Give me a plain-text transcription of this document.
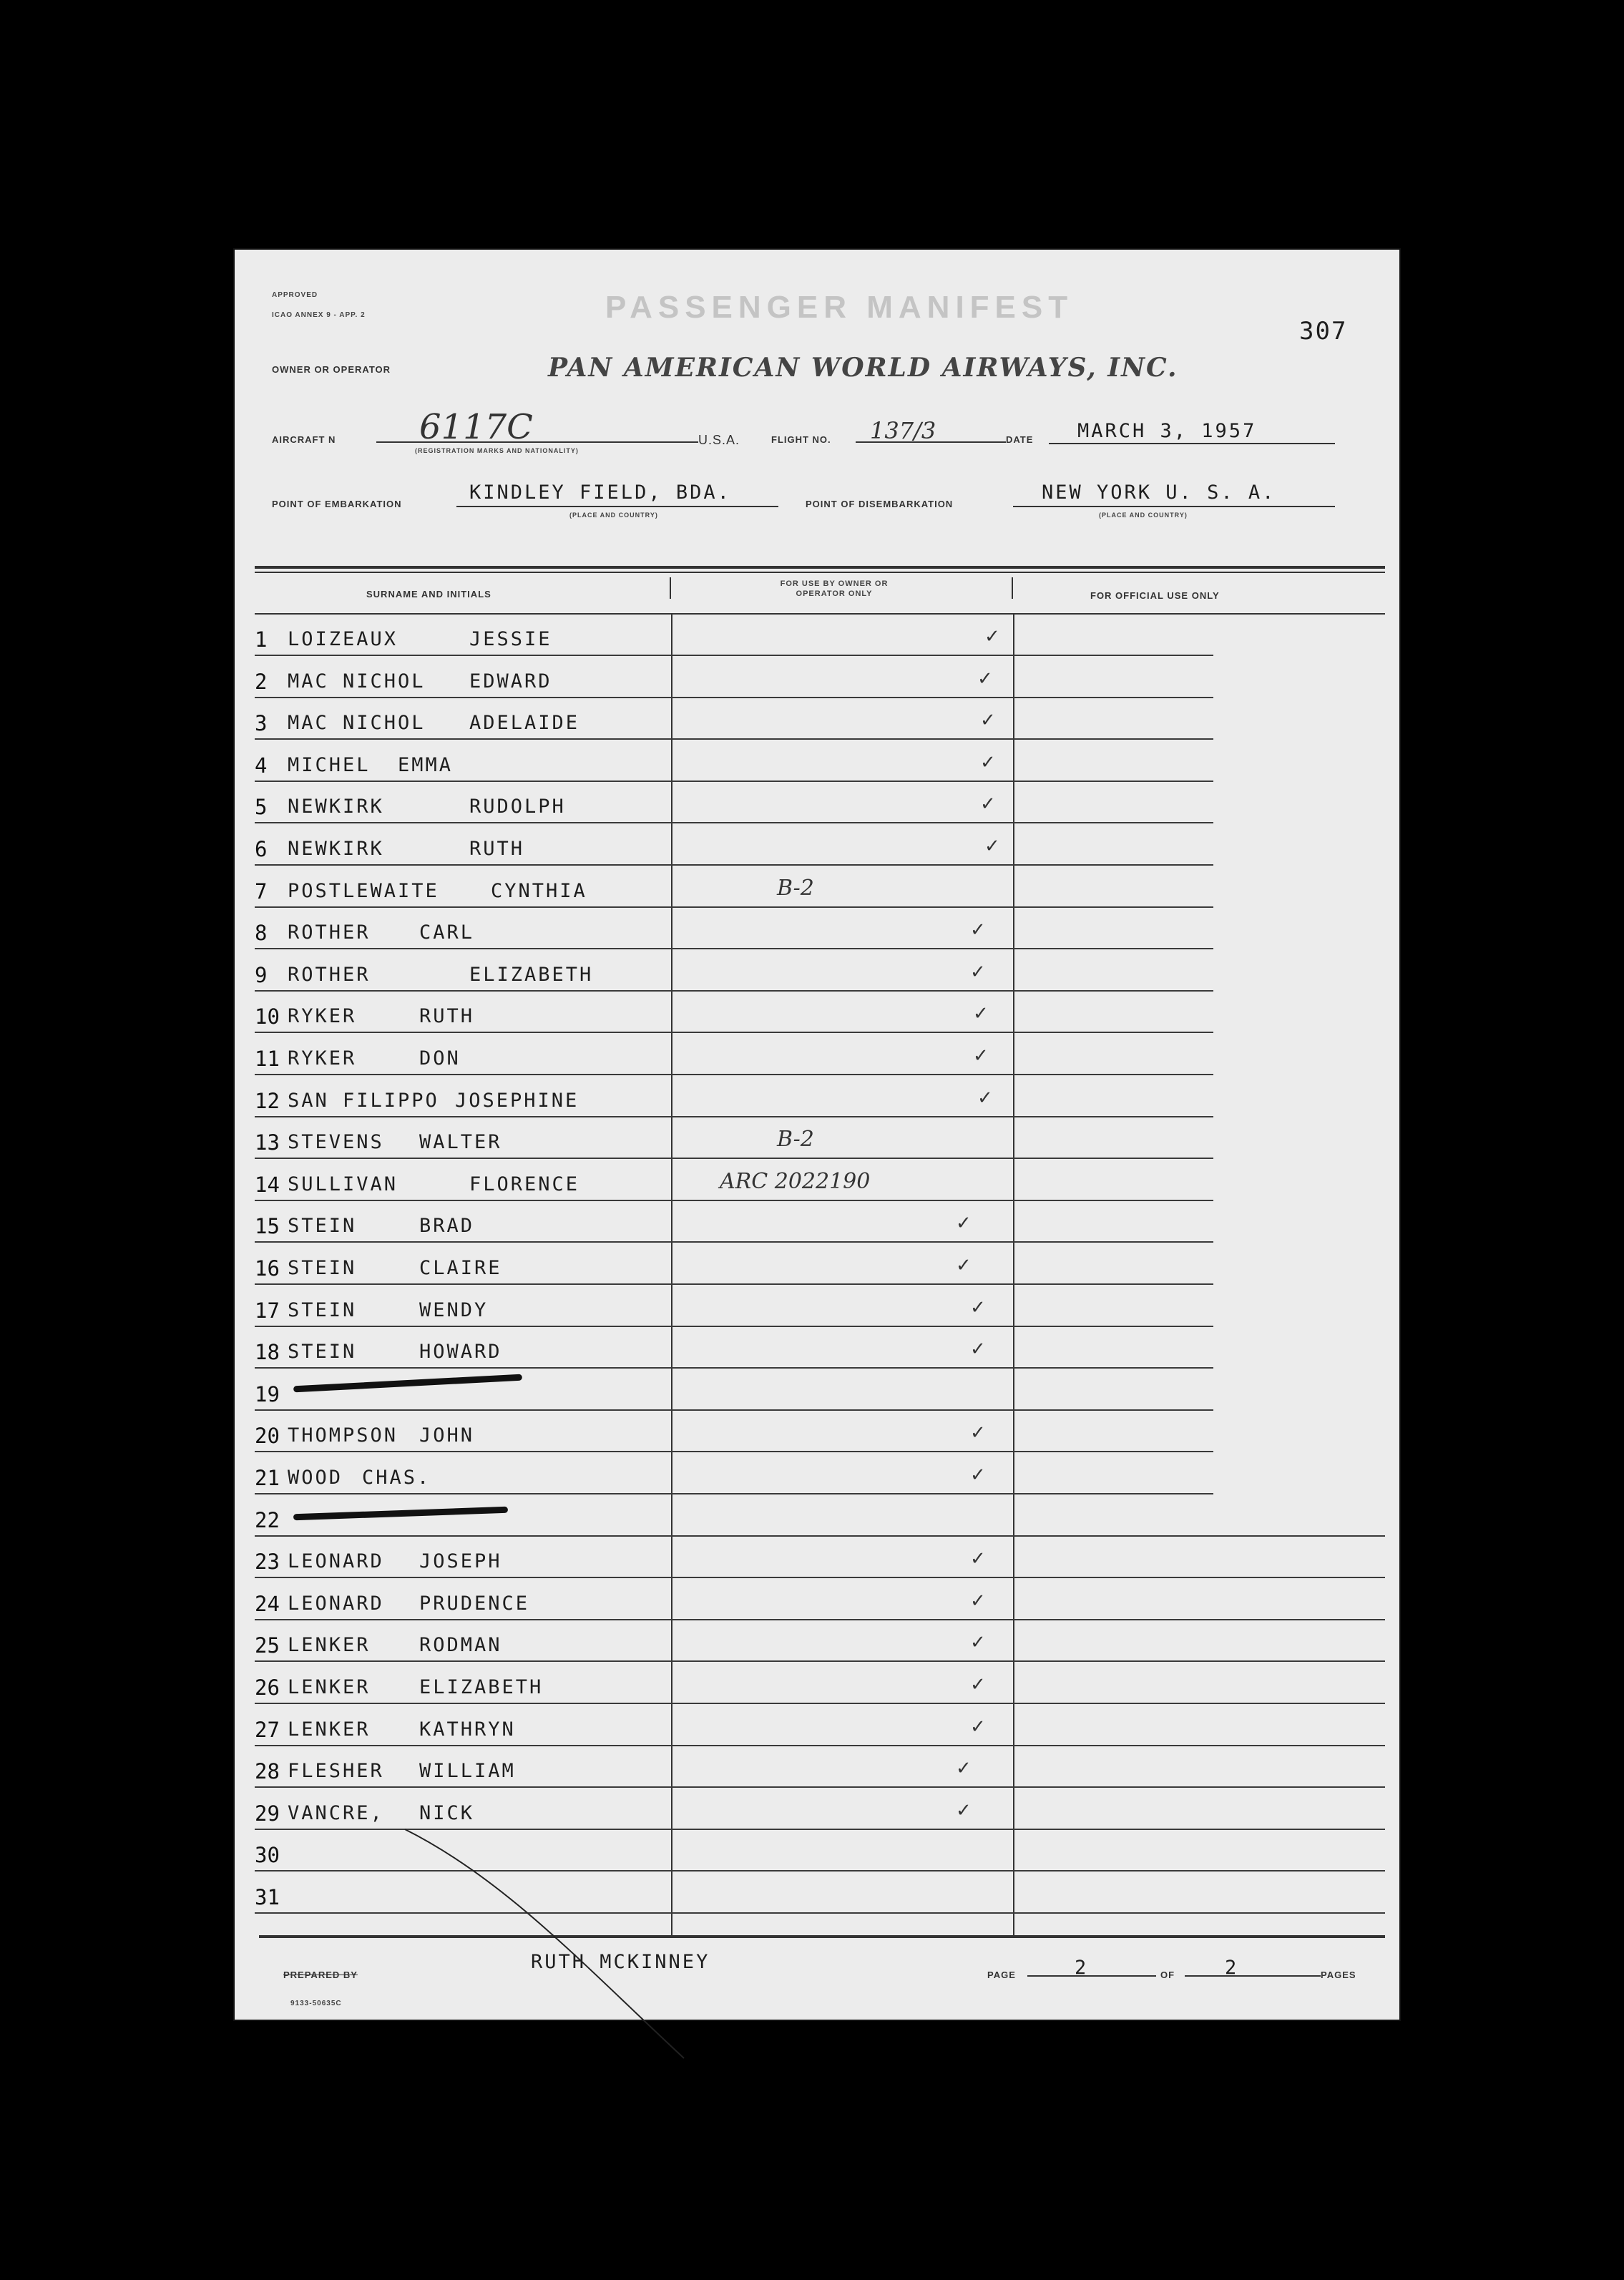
APPROVED
ICAO ANNEX 9 - APP. 2	PASSENGER MANIFEST
307
OWNER OR OPERATOR	PAN AMERICAN WORLD AIRWAYS, INC.
AIRCRAFT N 6117C
(REGISTRATION MARKS AND NATIONALITY)
U.S.A.	FLIGHT NO. 137/3	DATE MARCH 3, 1957
POINT OF EMBARKATION
KINDLEY FIELD, BDA.
(PLACE AND COUNTRY)
POINT OF DISEMBARKATION
NEW YORK U. S. A.
(PLACE AND COUNTRY)
SURNAME AND INITIALS
FOR USE BY OWNER OR OPERATOR ONLY	FOR OFFICIAL USE ONLY
1 LOIZEAUX	JESSIE	✓
2 MAC NICHOL EDWARD	✓
3 MAC NICHOL ADELAIDE	✓
4 MICHEL EMMA	✓
5 NEWKIRK	RUDOLPH	✓
6 NEWKIRK	RUTH	✓
7 POSTLEWAITE	CYNTHIA	B-2
8 ROTHER	CARL	✓
9 ROTHER	ELIZABETH	✓
10 RYKER	RUTH	✓
11 RYKER	DON	✓
12 SAN FILIPPO JOSEPHINE	✓
13 STEVENS WALTER	B-2
14 SULLIVAN	FLORENCE	ARC 2022190
15 STEIN	BRAD	✓
16 STEIN	CLAIRE	✓
17 STEIN	WENDY	✓
18 STEIN	HOWARD	✓
19
20 THOMPSON JOHN	✓
21 WOOD CHAS.	✓
22
23 LEONARD JOSEPH	✓
24 LEONARD PRUDENCE	✓
25 LENKER	RODMAN	✓
26 LENKER	ELIZABETH	✓
27 LENKER	KATHRYN	✓
28 FLESHER WILLIAM	✓
29 VANCRE, NICK	✓
30
31
PREPARED BY
RUTH MCKINNEY
PAGE	2	OF	2	PAGES
9133-50635C
